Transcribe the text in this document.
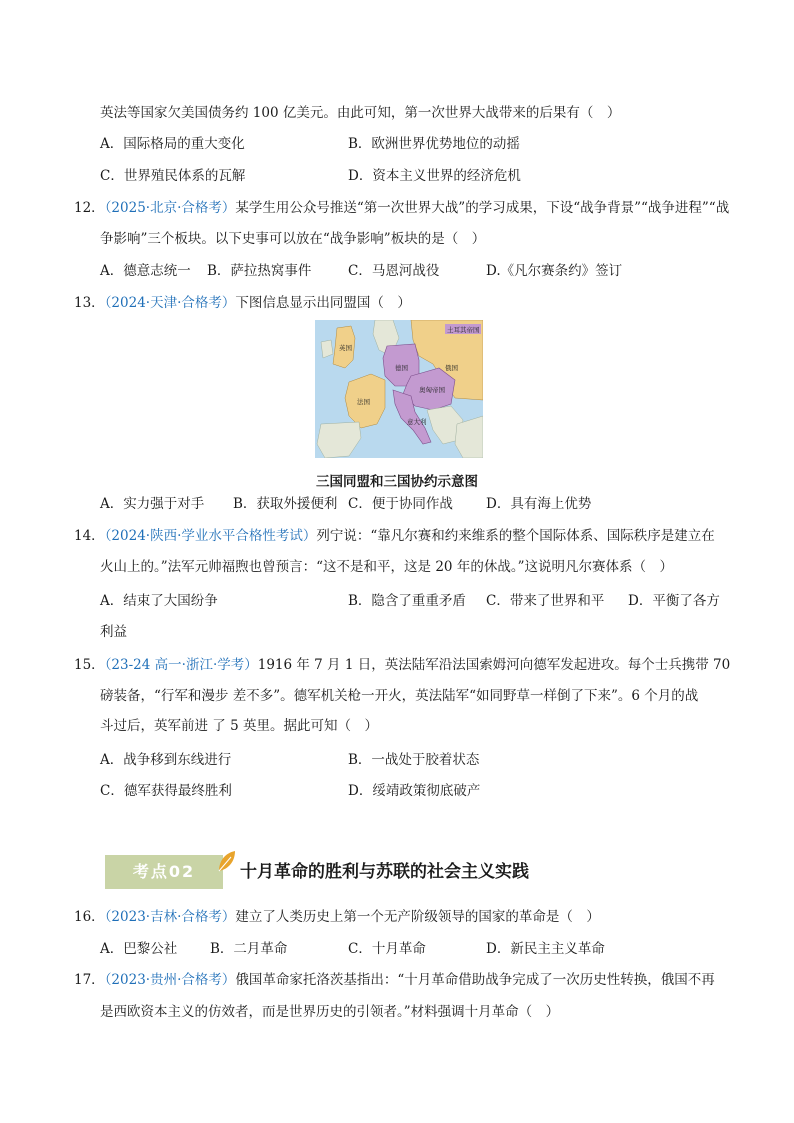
英法等国家欠美国债务约 100 亿美元。由此可知，第一次世界大战带来的后果有（　）
A．国际格局的重大变化	B．欧洲世界优势地位的动摇
C．世界殖民体系的瓦解	D．资本主义世界的经济危机
12．（2025·北京·合格考）某学生用公众号推送“第一次世界大战”的学习成果，下设“战争背景”“战争进程”“战
争影响”三个板块。以下史事可以放在“战争影响”板块的是（　）
A．德意志统一 B．萨拉热窝事件	C．马恩河战役	D.《凡尔赛条约》签订
13．（2024·天津·合格考）下图信息显示出同盟国（　）
土耳其帝国
英国
法国
德国
奥匈帝国
俄国
意大利
三国同盟和三国协约示意图
A．实力强于对手 B．获取外援便利 C．便于协同作战 D．具有海上优势
14．（2024·陕西·学业水平合格性考试）列宁说：“靠凡尔赛和约来维系的整个国际体系、国际秩序是建立在
火山上的。”法军元帅福煦也曾预言：“这不是和平，这是 20 年的休战。”这说明凡尔赛体系（　）
A．结束了大国纷争	B．隐含了重重矛盾 C．带来了世界和平 D．平衡了各方
利益
15．（23-24 高一·浙江·学考）1916 年 7 月 1 日，英法陆军沿法国索姆河向德军发起进攻。每个士兵携带 70
磅装备，“行军和漫步 差不多”。德军机关枪一开火，英法陆军“如同野草一样倒了下来”。6 个月的战
斗过后，英军前进 了 5 英里。据此可知（　）
A．战争移到东线进行	B．一战处于胶着状态
C．德军获得最终胜利	D．绥靖政策彻底破产
考点02	十月革命的胜利与苏联的社会主义实践
16．（2023·吉林·合格考）建立了人类历史上第一个无产阶级领导的国家的革命是（　）
A．巴黎公社 B．二月革命	C．十月革命	D．新民主主义革命
17．（2023·贵州·合格考）俄国革命家托洛茨基指出：“十月革命借助战争完成了一次历史性转换，俄国不再
是西欧资本主义的仿效者，而是世界历史的引领者。”材料强调十月革命（　）
